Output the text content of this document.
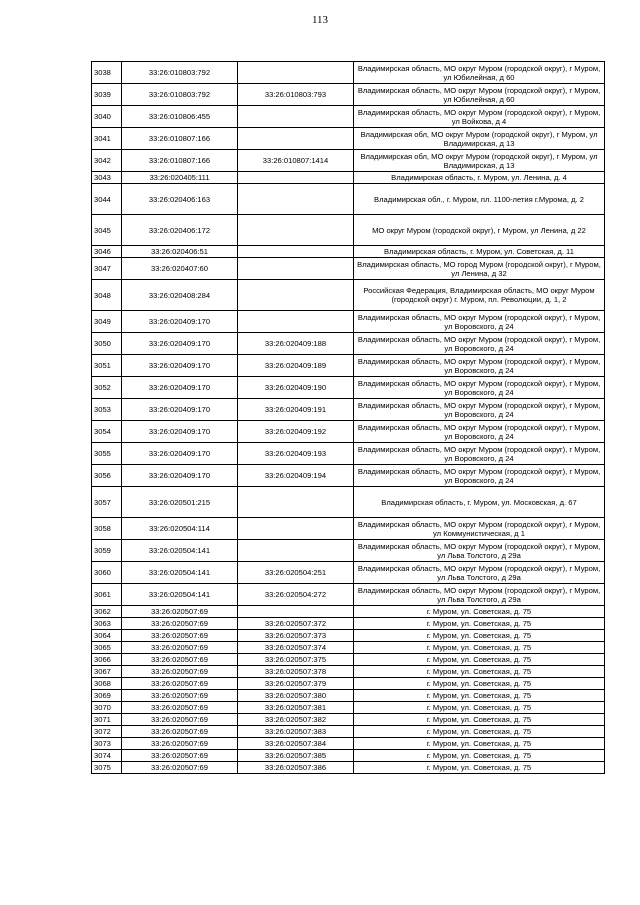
113
3038	33:26:010803:792		Владимирская область, МО округ Муром (городской округ), г Муром, ул Юбилейная, д 60
3039	33:26:010803:792	33:26:010803:793	Владимирская область, МО округ Муром (городской округ), г Муром, ул Юбилейная, д 60
3040	33:26:010806:455		Владимирская область, МО округ Муром (городской округ), г Муром, ул Войкова, д 4
3041	33:26:010807:166		Владимирская обл, МО округ Муром (городской округ), г Муром, ул Владимирская, д 13
3042	33:26:010807:166	33:26:010807:1414	Владимирская обл, МО округ Муром (городской округ), г Муром, ул Владимирская, д 13
3043	33:26:020405:111		Владимирская область, г. Муром, ул. Ленина, д. 4
3044	33:26:020406:163		Владимирская обл., г. Муром, пл. 1100-летия г.Мурома, д. 2
3045	33:26:020406:172		МО округ Муром (городской округ), г Муром, ул Ленина, д 22
3046	33:26:020406:51		Владимирская область, г. Муром, ул. Советская, д. 11
3047	33:26:020407:60		Владимирская область, МО город Муром (городской округ), г Муром, ул Ленина, д 32
3048	33:26:020408:284		Российская Федерация, Владимирская область, МО округ Муром (городской округ) г. Муром, пл. Революции, д. 1, 2
3049	33:26:020409:170		Владимирская область, МО округ Муром (городской округ), г Муром, ул Воровского, д 24
3050	33:26:020409:170	33:26:020409:188	Владимирская область, МО округ Муром (городской округ), г Муром, ул Воровского, д 24
3051	33:26:020409:170	33:26:020409:189	Владимирская область, МО округ Муром (городской округ), г Муром, ул Воровского, д 24
3052	33:26:020409:170	33:26:020409:190	Владимирская область, МО округ Муром (городской округ), г Муром, ул Воровского, д 24
3053	33:26:020409:170	33:26:020409:191	Владимирская область, МО округ Муром (городской округ), г Муром, ул Воровского, д 24
3054	33:26:020409:170	33:26:020409:192	Владимирская область, МО округ Муром (городской округ), г Муром, ул Воровского, д 24
3055	33:26:020409:170	33:26:020409:193	Владимирская область, МО округ Муром (городской округ), г Муром, ул Воровского, д 24
3056	33:26:020409:170	33:26:020409:194	Владимирская область, МО округ Муром (городской округ), г Муром, ул Воровского, д 24
3057	33:26:020501:215		Владимирская область, г. Муром, ул. Московская, д. 67
3058	33:26:020504:114		Владимирская область, МО округ Муром (городской округ), г Муром, ул Коммунистическая, д 1
3059	33:26:020504:141		Владимирская область, МО округ Муром (городской округ), г Муром, ул Льва Толстого, д 29а
3060	33:26:020504:141	33:26:020504:251	Владимирская область, МО округ Муром (городской округ), г Муром, ул Льва Толстого, д 29а
3061	33:26:020504:141	33:26:020504:272	Владимирская область, МО округ Муром (городской округ), г Муром, ул Льва Толстого, д 29а
3062	33:26:020507:69		г. Муром, ул. Советская, д. 75
3063	33:26:020507:69	33:26:020507:372	г. Муром, ул. Советская, д. 75
3064	33:26:020507:69	33:26:020507:373	г. Муром, ул. Советская, д. 75
3065	33:26:020507:69	33:26:020507:374	г. Муром, ул. Советская, д. 75
3066	33:26:020507:69	33:26:020507:375	г. Муром, ул. Советская, д. 75
3067	33:26:020507:69	33:26:020507:378	г. Муром, ул. Советская, д. 75
3068	33:26:020507:69	33:26:020507:379	г. Муром, ул. Советская, д. 75
3069	33:26:020507:69	33:26:020507:380	г. Муром, ул. Советская, д. 75
3070	33:26:020507:69	33:26:020507:381	г. Муром, ул. Советская, д. 75
3071	33:26:020507:69	33:26:020507:382	г. Муром, ул. Советская, д. 75
3072	33:26:020507:69	33:26:020507:383	г. Муром, ул. Советская, д. 75
3073	33:26:020507:69	33:26:020507:384	г. Муром, ул. Советская, д. 75
3074	33:26:020507:69	33:26:020507:385	г. Муром, ул. Советская, д. 75
3075	33:26:020507:69	33:26:020507:386	г. Муром, ул. Советская, д. 75
